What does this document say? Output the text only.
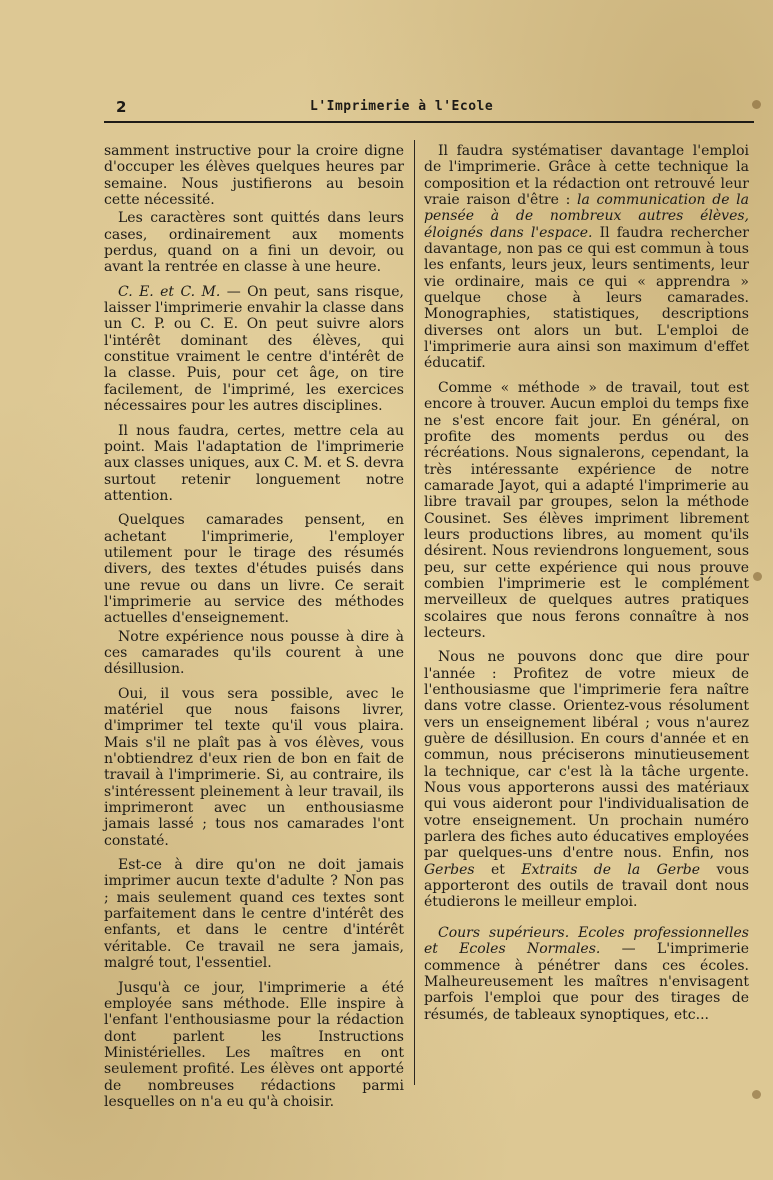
2	L'Imprimerie à l'Ecole

samment instructive pour la croire digne d'occuper les élèves quelques heures par semaine. Nous justifierons au besoin cette nécessité.

Les caractères sont quittés dans leurs cases, ordinairement aux moments perdus, quand on a fini un devoir, ou avant la rentrée en classe à une heure.

C. E. et C. M. — On peut, sans risque, laisser l'imprimerie envahir la classe dans un C. P. ou C. E. On peut suivre alors l'intérêt dominant des élèves, qui constitue vraiment le centre d'intérêt de la classe. Puis, pour cet âge, on tire facilement, de l'imprimé, les exercices nécessaires pour les autres disciplines.

Il nous faudra, certes, mettre cela au point. Mais l'adaptation de l'imprimerie aux classes uniques, aux C. M. et S. devra surtout retenir longuement notre attention.

Quelques camarades pensent, en achetant l'imprimerie, l'employer utilement pour le tirage des résumés divers, des textes d'études puisés dans une revue ou dans un livre. Ce serait l'imprimerie au service des méthodes actuelles d'enseignement.

Notre expérience nous pousse à dire à ces camarades qu'ils courent à une désillusion.

Oui, il vous sera possible, avec le matériel que nous faisons livrer, d'imprimer tel texte qu'il vous plaira. Mais s'il ne plaît pas à vos élèves, vous n'obtiendrez d'eux rien de bon en fait de travail à l'imprimerie. Si, au contraire, ils s'intéressent pleinement à leur travail, ils imprimeront avec un enthousiasme jamais lassé ; tous nos camarades l'ont constaté.

Est-ce à dire qu'on ne doit jamais imprimer aucun texte d'adulte ? Non pas ; mais seulement quand ces textes sont parfaitement dans le centre d'intérêt des enfants, et dans le centre d'intérêt véritable. Ce travail ne sera jamais, malgré tout, l'essentiel.

Jusqu'à ce jour, l'imprimerie a été employée sans méthode. Elle inspire à l'enfant l'enthousiasme pour la rédaction dont parlent les Instructions Ministérielles. Les maîtres en ont seulement profité. Les élèves ont apporté de nombreuses rédactions parmi lesquelles on n'a eu qu'à choisir.

Il faudra systématiser davantage l'emploi de l'imprimerie. Grâce à cette technique la composition et la rédaction ont retrouvé leur vraie raison d'être : la communication de la pensée à de nombreux autres élèves, éloignés dans l'espace. Il faudra rechercher davantage, non pas ce qui est commun à tous les enfants, leurs jeux, leurs sentiments, leur vie ordinaire, mais ce qui « apprendra » quelque chose à leurs camarades. Monographies, statistiques, descriptions diverses ont alors un but. L'emploi de l'imprimerie aura ainsi son maximum d'effet éducatif.

Comme « méthode » de travail, tout est encore à trouver. Aucun emploi du temps fixe ne s'est encore fait jour. En général, on profite des moments perdus ou des récréations. Nous signalerons, cependant, la très intéressante expérience de notre camarade Jayot, qui a adapté l'imprimerie au libre travail par groupes, selon la méthode Cousinet. Ses élèves impriment librement leurs productions libres, au moment qu'ils désirent. Nous reviendrons longuement, sous peu, sur cette expérience qui nous prouve combien l'imprimerie est le complément merveilleux de quelques autres pratiques scolaires que nous ferons connaître à nos lecteurs.

Nous ne pouvons donc que dire pour l'année : Profitez de votre mieux de l'enthousiasme que l'imprimerie fera naître dans votre classe. Orientez-vous résolument vers un enseignement libéral ; vous n'aurez guère de désillusion. En cours d'année et en commun, nous préciserons minutieusement la technique, car c'est là la tâche urgente. Nous vous apporterons aussi des matériaux qui vous aideront pour l'individualisation de votre enseignement. Un prochain numéro parlera des fiches auto éducatives employées par quelques-uns d'entre nous. Enfin, nos Gerbes et Extraits de la Gerbe vous apporteront des outils de travail dont nous étudierons le meilleur emploi.

Cours supérieurs. Ecoles professionnelles et Ecoles Normales. — L'imprimerie commence à pénétrer dans ces écoles. Malheureusement les maîtres n'envisagent parfois l'emploi que pour des tirages de résumés, de tableaux synoptiques, etc...
